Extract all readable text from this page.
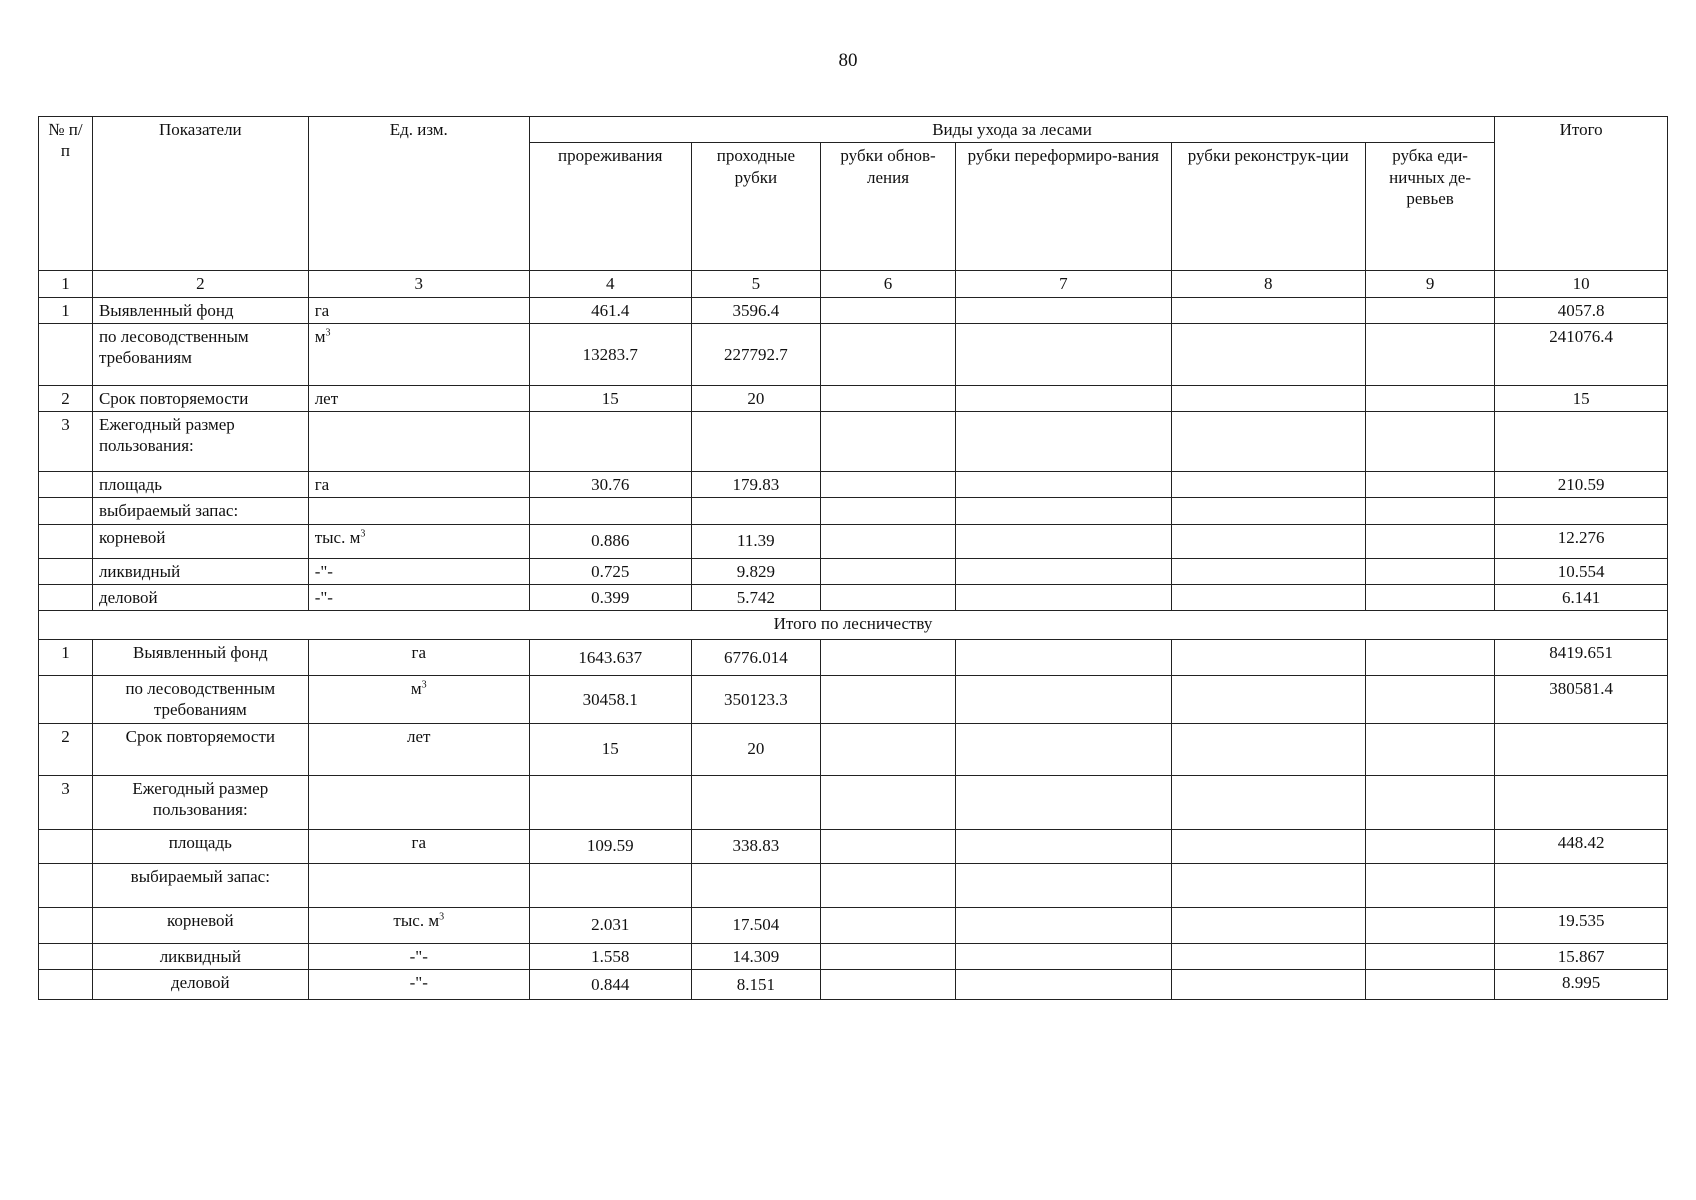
80
№ п/п	Показатели	Ед. изм.	Виды ухода за лесами						Итого
			прореживания	проходные рубки	рубки обнов-ления	рубки переформиро-вания	рубки реконструк-ции	рубка еди-ничных де-ревьев	
1	2	3	4	5	6	7	8	9	10
1	Выявленный фонд	га	461.4	3596.4					4057.8
	по лесоводственным требованиям	$м^3$	13283.7	227792.7					241076.4
2	Срок повторяемости	лет	15	20					15
3	Ежегодный размер пользования:								
	площадь	га	30.76	179.83					210.59
	выбираемый запас:								
	корневой	тыс. $м^3$	0.886	11.39					12.276
	ликвидный	-"-	0.725	9.829					10.554
	деловой	-"-	0.399	5.742					6.141
Итого по лесничеству									
1	Выявленный фонд	га	1643.637	6776.014					8419.651
	по лесоводственным требованиям	$м^3$	30458.1	350123.3					380581.4
2	Срок повторяемости	лет	15	20					
3	Ежегодный размер пользования:								
	площадь	га	109.59	338.83					448.42
	выбираемый запас:								
	корневой	тыс. $м^3$	2.031	17.504					19.535
	ликвидный	-"-	1.558	14.309					15.867
	деловой	-"-	0.844	8.151					8.995
